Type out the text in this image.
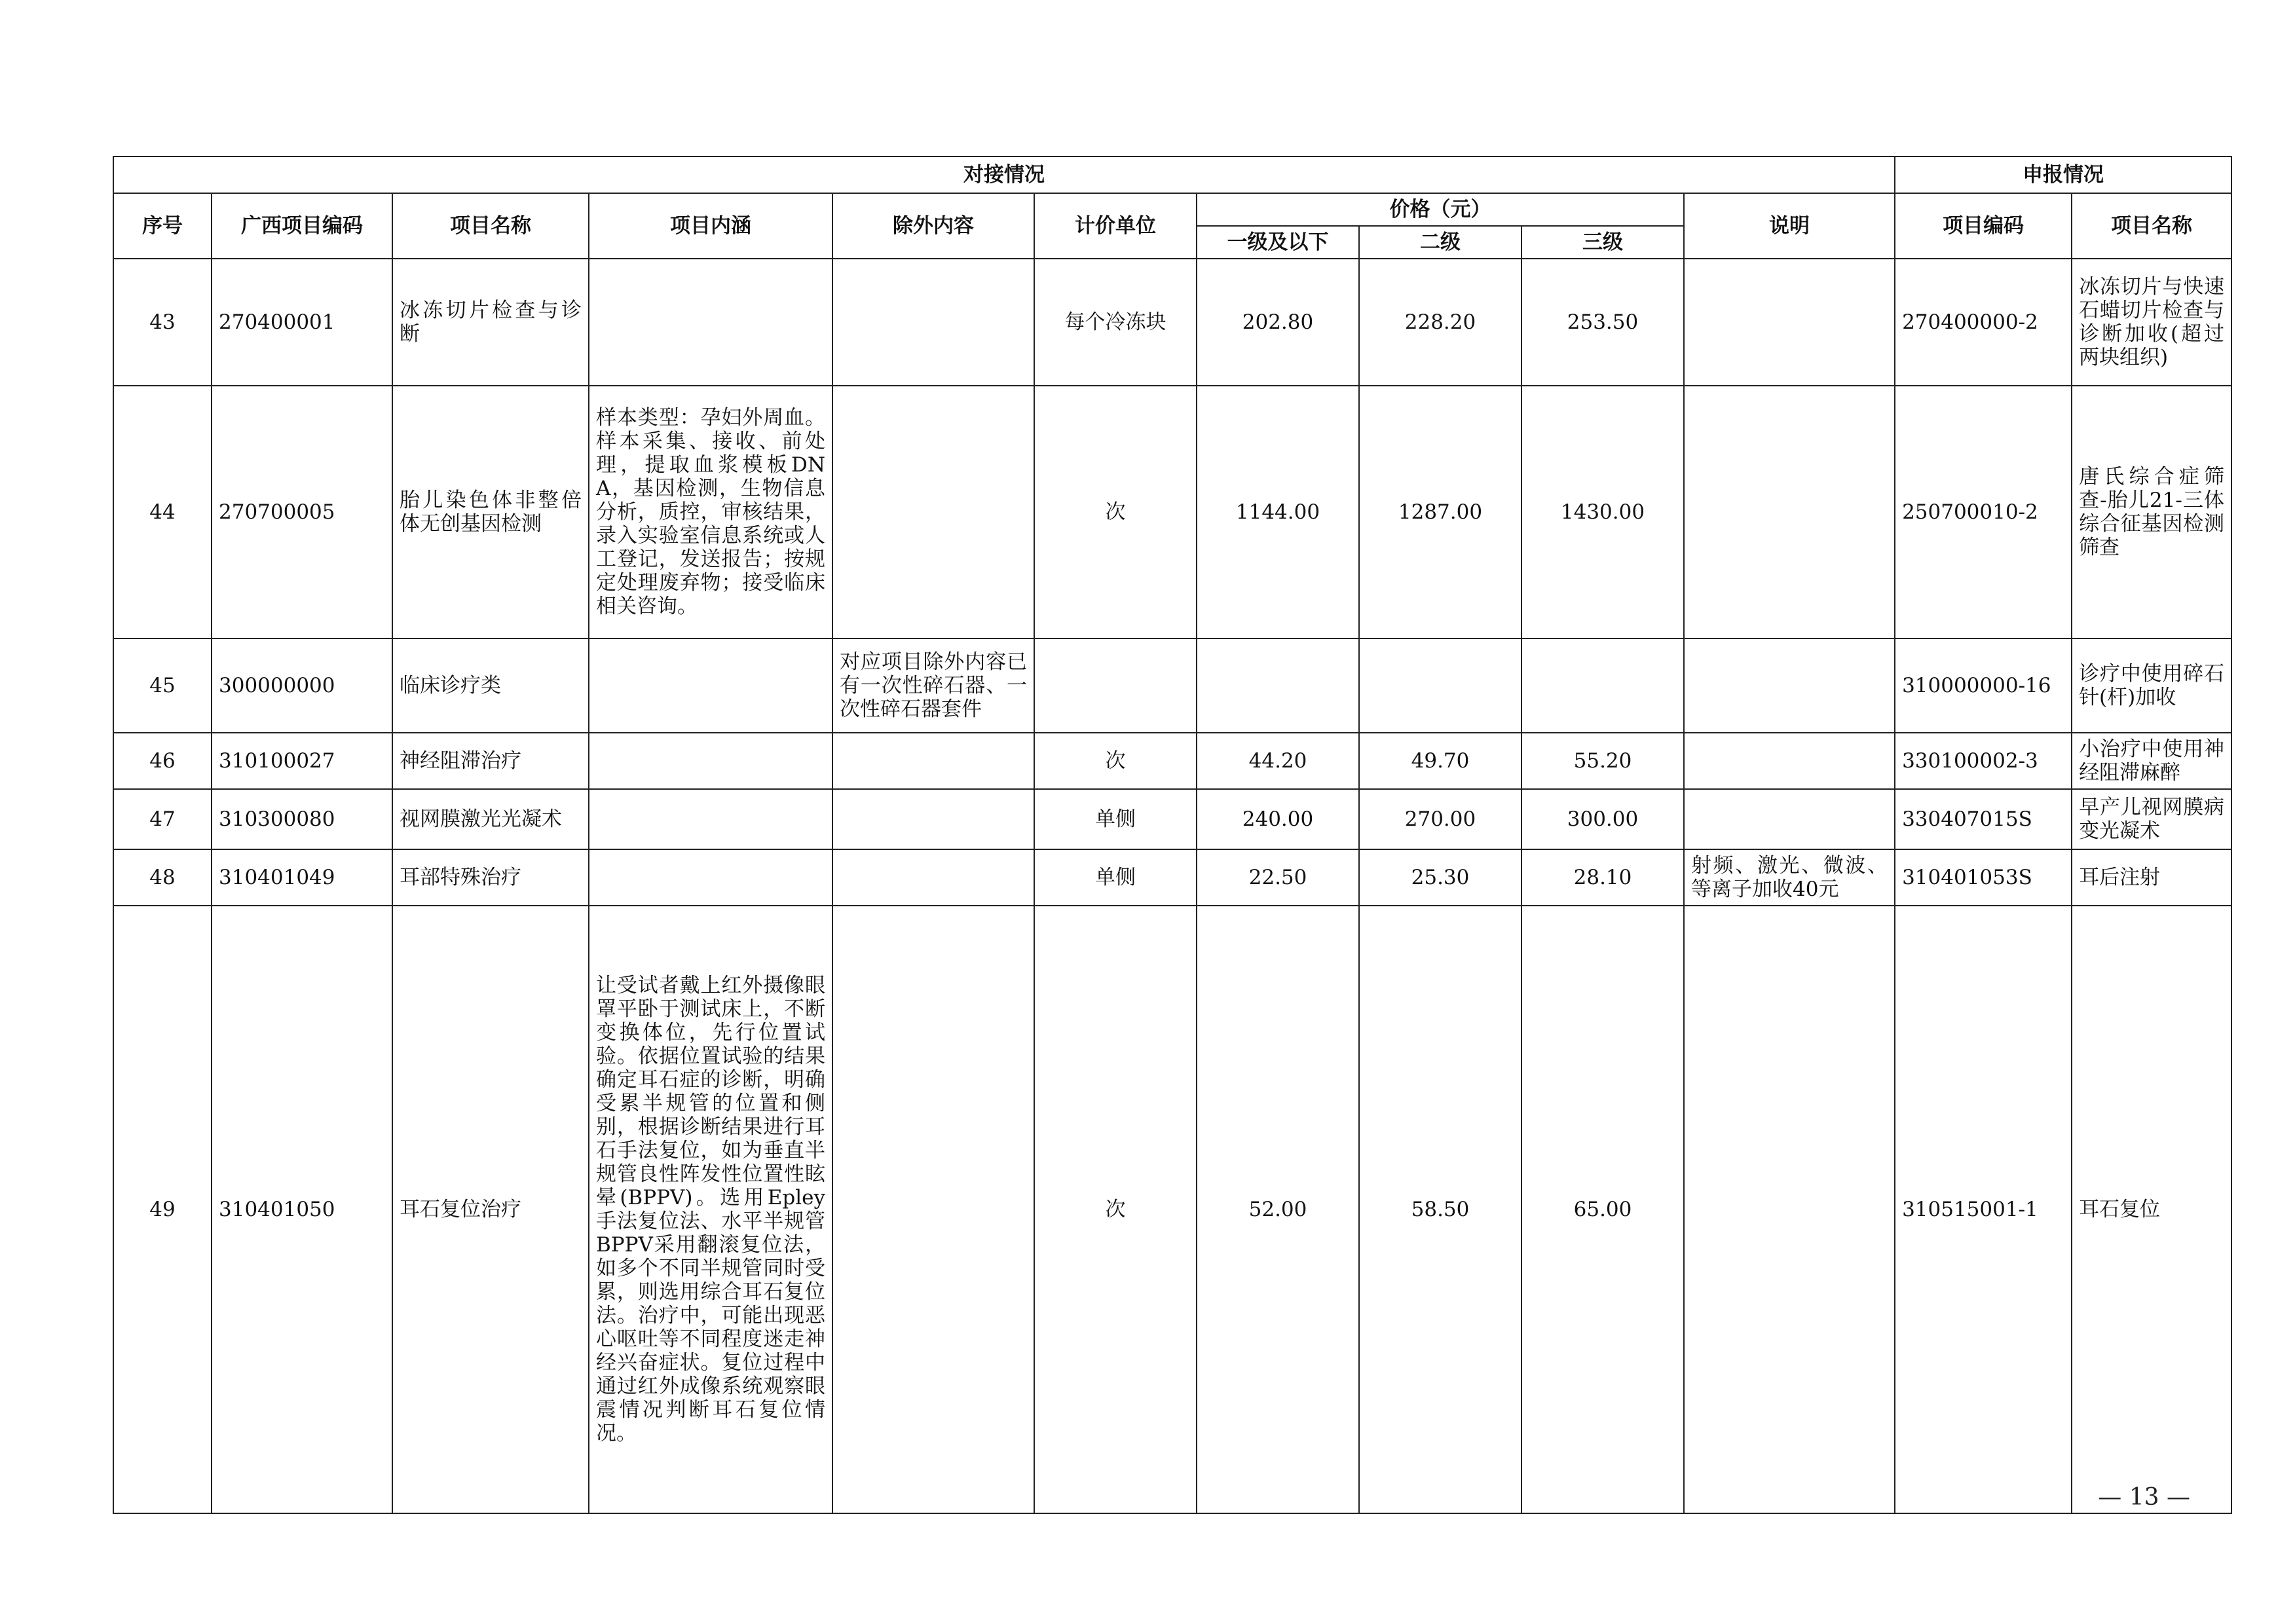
对接情况										申报情况	
序号	广西项目编码	项目名称	项目内涵	除外内容	计价单位	价格（元）			说明	项目编码	项目名称
						一级及以下	二级	三级			
43	270400001	冰冻切片检查与诊断			每个冷冻块	202.80	228.20	253.50		270400000-2	冰冻切片与快速石蜡切片检查与诊断加收(超过两块组织)
44	270700005	胎儿染色体非整倍体无创基因检测	样本类型：孕妇外周血。样本采集、接收、前处理，提取血浆模板DNA，基因检测，生物信息分析，质控，审核结果，录入实验室信息系统或人工登记，发送报告；按规定处理废弃物；接受临床相关咨询。		次	1144.00	1287.00	1430.00		250700010-2	唐氏综合症筛查-胎儿21-三体综合征基因检测筛查
45	300000000	临床诊疗类		对应项目除外内容已有一次性碎石器、一次性碎石器套件						310000000-16	诊疗中使用碎石针(杆)加收
46	310100027	神经阻滞治疗			次	44.20	49.70	55.20		330100002-3	小治疗中使用神经阻滞麻醉
47	310300080	视网膜激光光凝术			单侧	240.00	270.00	300.00		330407015S	早产儿视网膜病变光凝术
48	310401049	耳部特殊治疗			单侧	22.50	25.30	28.10	射频、激光、微波、等离子加收40元	310401053S	耳后注射
49	310401050	耳石复位治疗	让受试者戴上红外摄像眼罩平卧于测试床上，不断变换体位，先行位置试验。依据位置试验的结果确定耳石症的诊断，明确受累半规管的位置和侧别，根据诊断结果进行耳石手法复位，如为垂直半规管良性阵发性位置性眩晕(BPPV)。选用Epley手法复位法、水平半规管BPPV采用翻滚复位法，如多个不同半规管同时受累，则选用综合耳石复位法。治疗中，可能出现恶心呕吐等不同程度迷走神经兴奋症状。复位过程中通过红外成像系统观察眼震情况判断耳石复位情况。		次	52.00	58.50	65.00		310515001-1	耳石复位
— 13 —
